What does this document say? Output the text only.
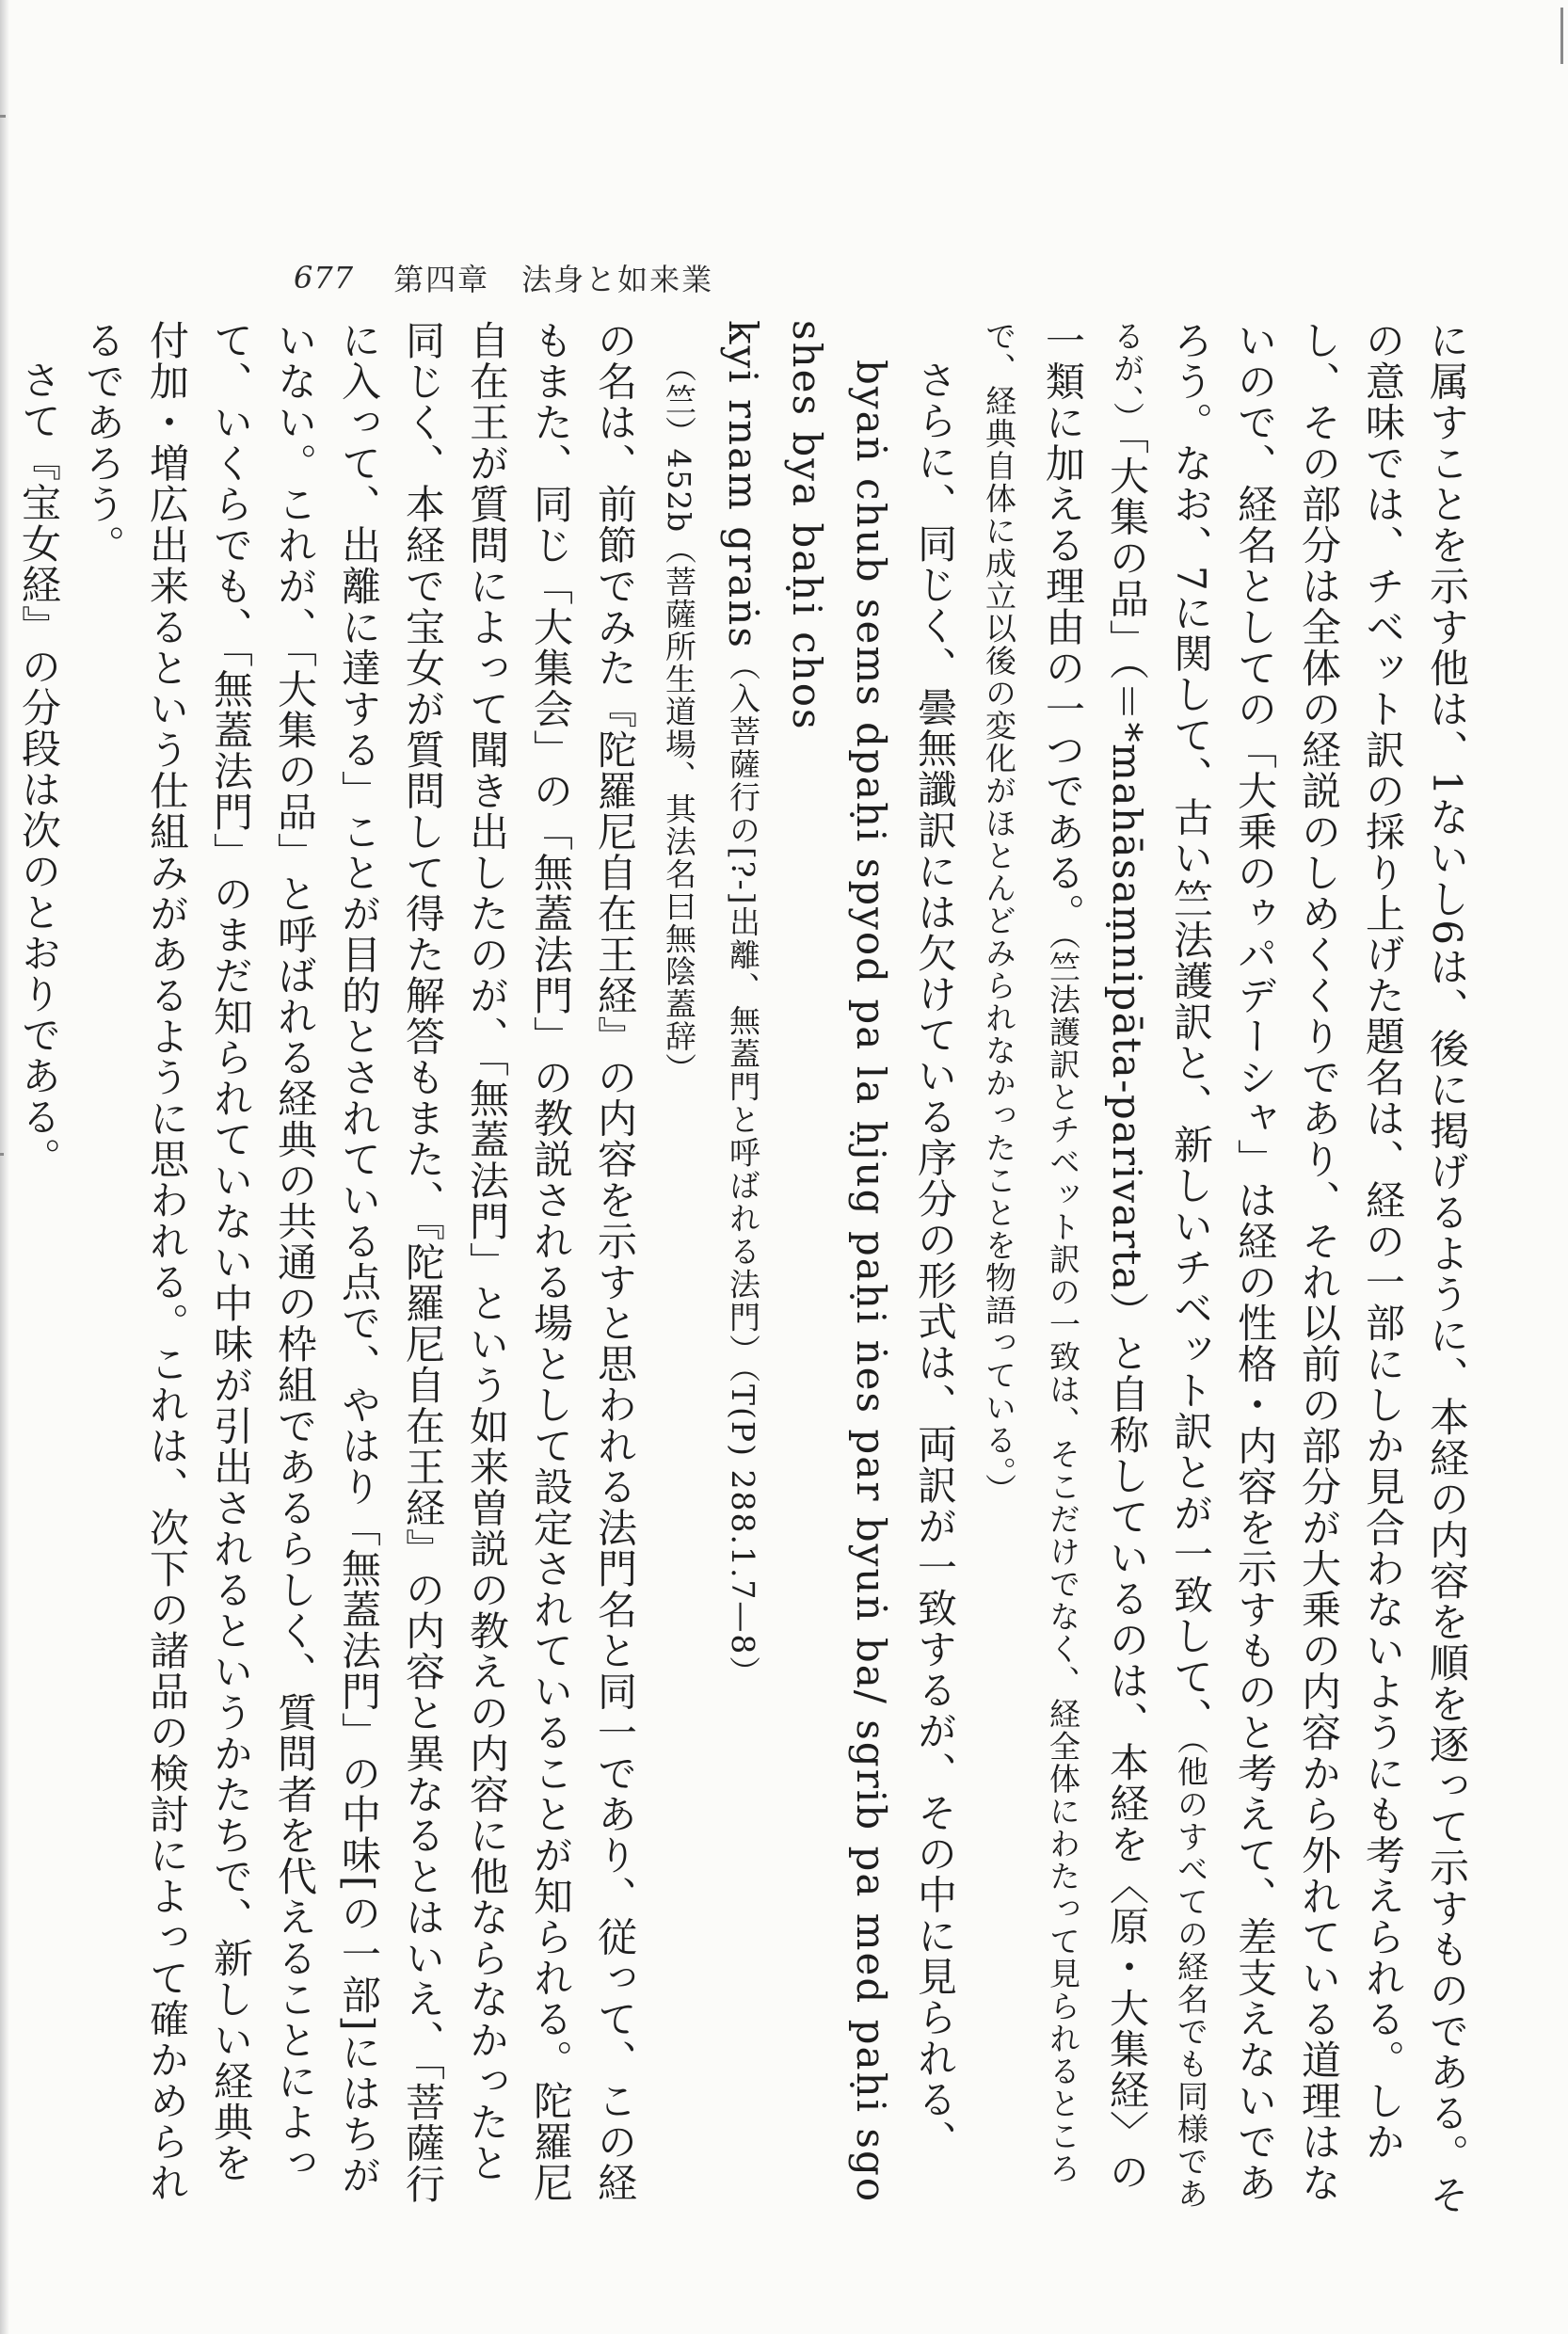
677 第四章　法身と如来業

に属すことを示す他は、1ないし6は、後に掲げるように、本経の内容を順を逐って示すものである。その意味では、チベット訳の採り上げた題名は、経の一部にしか見合わないようにも考えられる。しかし、その部分は全体の経説のしめくくりであり、それ以前の部分が大乗の内容から外れている道理はないので、経名としての「大乗のゥパデーシャ」は経の性格・内容を示すものと考えて、差支えないであろう。なお、7に関して、古い竺法護訳と、新しいチベット訳とが一致して、（他のすべての経名でも同様であるが、）「大集の品」（＝*mahāsaṃnipāta-parivarta）と自称しているのは、本経を〈原・大集経〉の一類に加える理由の一つである。（竺法護訳とチベット訳の一致は、そこだけでなく、経全体にわたって見られるところで、経典自体に成立以後の変化がほとんどみられなかったことを物語っている。）

さらに、同じく、曇無讖訳には欠けている序分の形式は、両訳が一致するが、その中に見られる、

byaṅ chub sems dpaḥi spyod pa la ḥjug paḥi ṅes par byuṅ ba/ sgrib pa med paḥi sgo shes bya baḥi chos

kyi rnam graṅs（入菩薩行の[?-]出離、無蓋門と呼ばれる法門）（T(P) 288.1.7—8）

（竺）452b（菩薩所生道場、其法名曰無陰蓋辞）

の名は、前節でみた『陀羅尼自在王経』の内容を示すと思われる法門名と同一であり、従って、この経もまた、同じ「大集会」の「無蓋法門」の教説される場として設定されていることが知られる。陀羅尼自在王が質問によって聞き出したのが、「無蓋法門」という如来曽説の教えの内容に他ならなかったと同じく、本経で宝女が質問して得た解答もまた、『陀羅尼自在王経』の内容と異なるとはいえ、「菩薩行に入って、出離に達する」ことが目的とされている点で、やはり「無蓋法門」の中味[の一部]にはちがいない。これが、「大集の品」と呼ばれる経典の共通の枠組であるらしく、質問者を代えることによって、いくらでも、「無蓋法門」のまだ知られていない中味が引出されるというかたちで、新しい経典を付加・増広出来るという仕組みがあるように思われる。これは、次下の諸品の検討によって確かめられるであろう。

さて『宝女経』の分段は次のとおりである。
